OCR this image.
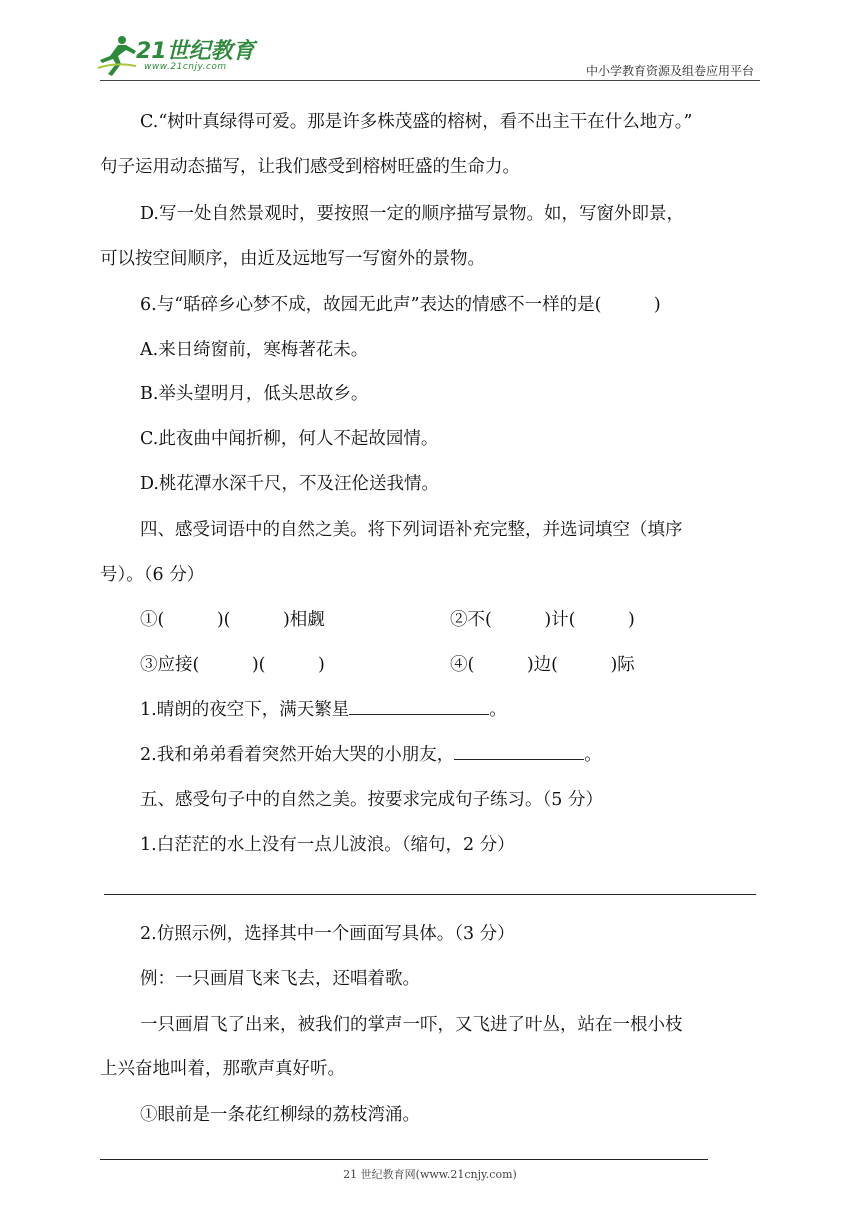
21世纪教育
www.21cnjy.com	中小学教育资源及组卷应用平台
C.“树叶真绿得可爱。那是许多株茂盛的榕树，看不出主干在什么地方。”
句子运用动态描写，让我们感受到榕树旺盛的生命力。
D.写一处自然景观时，要按照一定的顺序描写景物。如，写窗外即景，
可以按空间顺序，由近及远地写一写窗外的景物。
6.与“聒碎乡心梦不成，故园无此声”表达的情感不一样的是(　　　)
A.来日绮窗前，寒梅著花未。
B.举头望明月，低头思故乡。
C.此夜曲中闻折柳，何人不起故园情。
D.桃花潭水深千尺，不及汪伦送我情。
四、感受词语中的自然之美。将下列词语补充完整，并选词填空（填序
号）。（6 分）
①(　　　)(　　　)相觑	②不(　　　)计(　　　)
③应接(　　　)(　　　)	④(　　　)边(　　　)际
1.晴朗的夜空下，满天繁星	。
2.我和弟弟看着突然开始大哭的小朋友，	。
五、感受句子中的自然之美。按要求完成句子练习。（5 分）
1.白茫茫的水上没有一点儿波浪。（缩句，2 分）
2.仿照示例，选择其中一个画面写具体。（3 分）
例：一只画眉飞来飞去，还唱着歌。
一只画眉飞了出来，被我们的掌声一吓，又飞进了叶丛，站在一根小枝
上兴奋地叫着，那歌声真好听。
①眼前是一条花红柳绿的荔枝湾涌。
21 世纪教育网(www.21cnjy.com)
